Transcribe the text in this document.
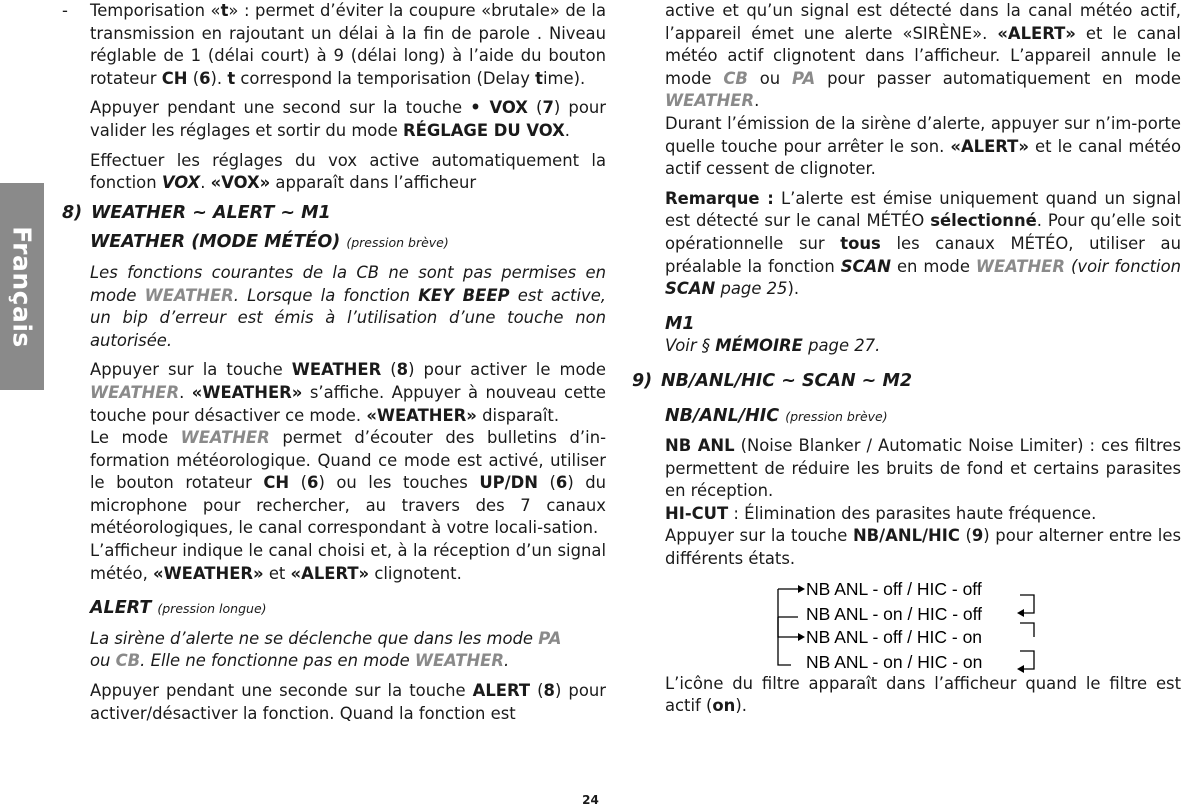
Français
-	Temporisation «t» : permet d’éviter la coupure «brutale» de la transmission en rajoutant un délai à la fin de parole . Niveau réglable de 1 (délai court) à 9 (délai long) à l’aide du bouton rotateur CH (6). t correspond la temporisation (Delay time).

Appuyer pendant une second sur la touche • VOX (7) pour valider les réglages et sortir du mode RÉGLAGE DU VOX.

Effectuer les réglages du vox active automatiquement la fonction VOX. «VOX» apparaît dans l’afficheur

8) WEATHER ~ ALERT ~ M1

WEATHER (MODE MÉTÉO) (pression brève)

Les fonctions courantes de la CB ne sont pas permises en mode WEATHER. Lorsque la fonction KEY BEEP est active, un bip d’erreur est émis à l’utilisation d’une touche non autorisée.

Appuyer sur la touche WEATHER (8) pour activer le mode WEATHER. «WEATHER» s’affiche. Appuyer à nouveau cette touche pour désactiver ce mode. «WEATHER» disparaît.

Le mode WEATHER permet d’écouter des bulletins d’in-formation météorologique. Quand ce mode est activé, utiliser le bouton rotateur CH (6) ou les touches UP/DN (6) du microphone pour rechercher, au travers des 7 canaux météorologiques, le canal correspondant à votre locali-sation.

L’afficheur indique le canal choisi et, à la réception d’un signal météo, «WEATHER» et «ALERT» clignotent.

ALERT (pression longue)

La sirène d’alerte ne se déclenche que dans les mode PA
ou CB. Elle ne fonctionne pas en mode WEATHER.

Appuyer pendant une seconde sur la touche ALERT (8) pour activer/désactiver la fonction. Quand la fonction est

active et qu’un signal est détecté dans la canal météo actif, l’appareil émet une alerte «SIRÈNE». «ALERT» et le canal météo actif clignotent dans l’afficheur. L’appareil annule le mode CB ou PA pour passer automatiquement en mode WEATHER.
Durant l’émission de la sirène d’alerte, appuyer sur n’im-porte quelle touche pour arrêter le son. «ALERT» et le canal météo actif cessent de clignoter.

Remarque : L’alerte est émise uniquement quand un signal est détecté sur le canal MÉTÉO sélectionné. Pour qu’elle soit opérationnelle sur tous les canaux MÉTÉO, utiliser au préalable la fonction SCAN en mode WEATHER (voir fonction SCAN page 25).

M1

Voir § MÉMOIRE page 27.

9) NB/ANL/HIC ~ SCAN ~ M2

NB/ANL/HIC (pression brève)

NB ANL (Noise Blanker / Automatic Noise Limiter) : ces filtres permettent de réduire les bruits de fond et certains parasites en réception.

HI-CUT : Élimination des parasites haute fréquence.

Appuyer sur la touche NB/ANL/HIC (9) pour alterner entre les différents états.

NB ANL - off / HIC - off
NB ANL - on / HIC - off
NB ANL - off / HIC - on
NB ANL - on / HIC - on

L’icône du filtre apparaît dans l’afficheur quand le filtre est actif (on).

24
